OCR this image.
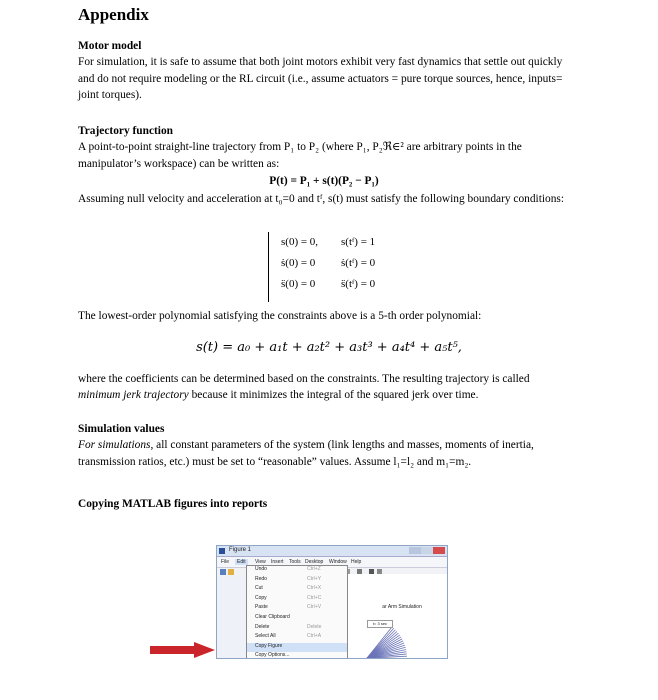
Appendix
Motor model

For simulation, it is safe to assume that both joint motors exhibit very fast dynamics that settle out quickly and do not require modeling or the RL circuit (i.e., assume actuators = pure torque sources, hence, inputs= joint torques).

Trajectory function

A point-to-point straight-line trajectory from P₁ to P₂ (where P₁, P₂ℜ∈² are arbitrary points in the manipulator’s workspace) can be written as:

P(t) = P₁ + s(t)(P₂ − P₁)

Assuming null velocity and acceleration at t₀=0 and tᶠ, s(t) must satisfy the following boundary conditions:

s(0) = 0, s(tᶠ) = 1
ṡ(0) = 0 ṡ(tᶠ) = 0
s̈(0) = 0 s̈(tᶠ) = 0
The lowest-order polynomial satisfying the constraints above is a 5-th order polynomial:
s(t) = a₀ + a₁t + a₂t² + a₃t³ + a₄t⁴ + a₅t⁵,
where the coefficients can be determined based on the constraints. The resulting trajectory is called minimum jerk trajectory because it minimizes the integral of the squared jerk over time.
Simulation values

For simulations, all constant parameters of the system (link lengths and masses, moments of inertia, transmission ratios, etc.) must be set to “reasonable” values. Assume l₁=l₂ and m₁=m₂.

Copying MATLAB figures into reports
Figure 1
File	Edit	View Insert Tools Desktop Window Help
ar Arm Simulation
t= 3 sec
Undo	Ctrl+Z
Redo	Ctrl+Y
Cut	Ctrl+X
Copy	Ctrl+C
Paste	Ctrl+V
Clear Clipboard
Delete	Delete
Select All	Ctrl+A
Copy Figure
Copy Options...
